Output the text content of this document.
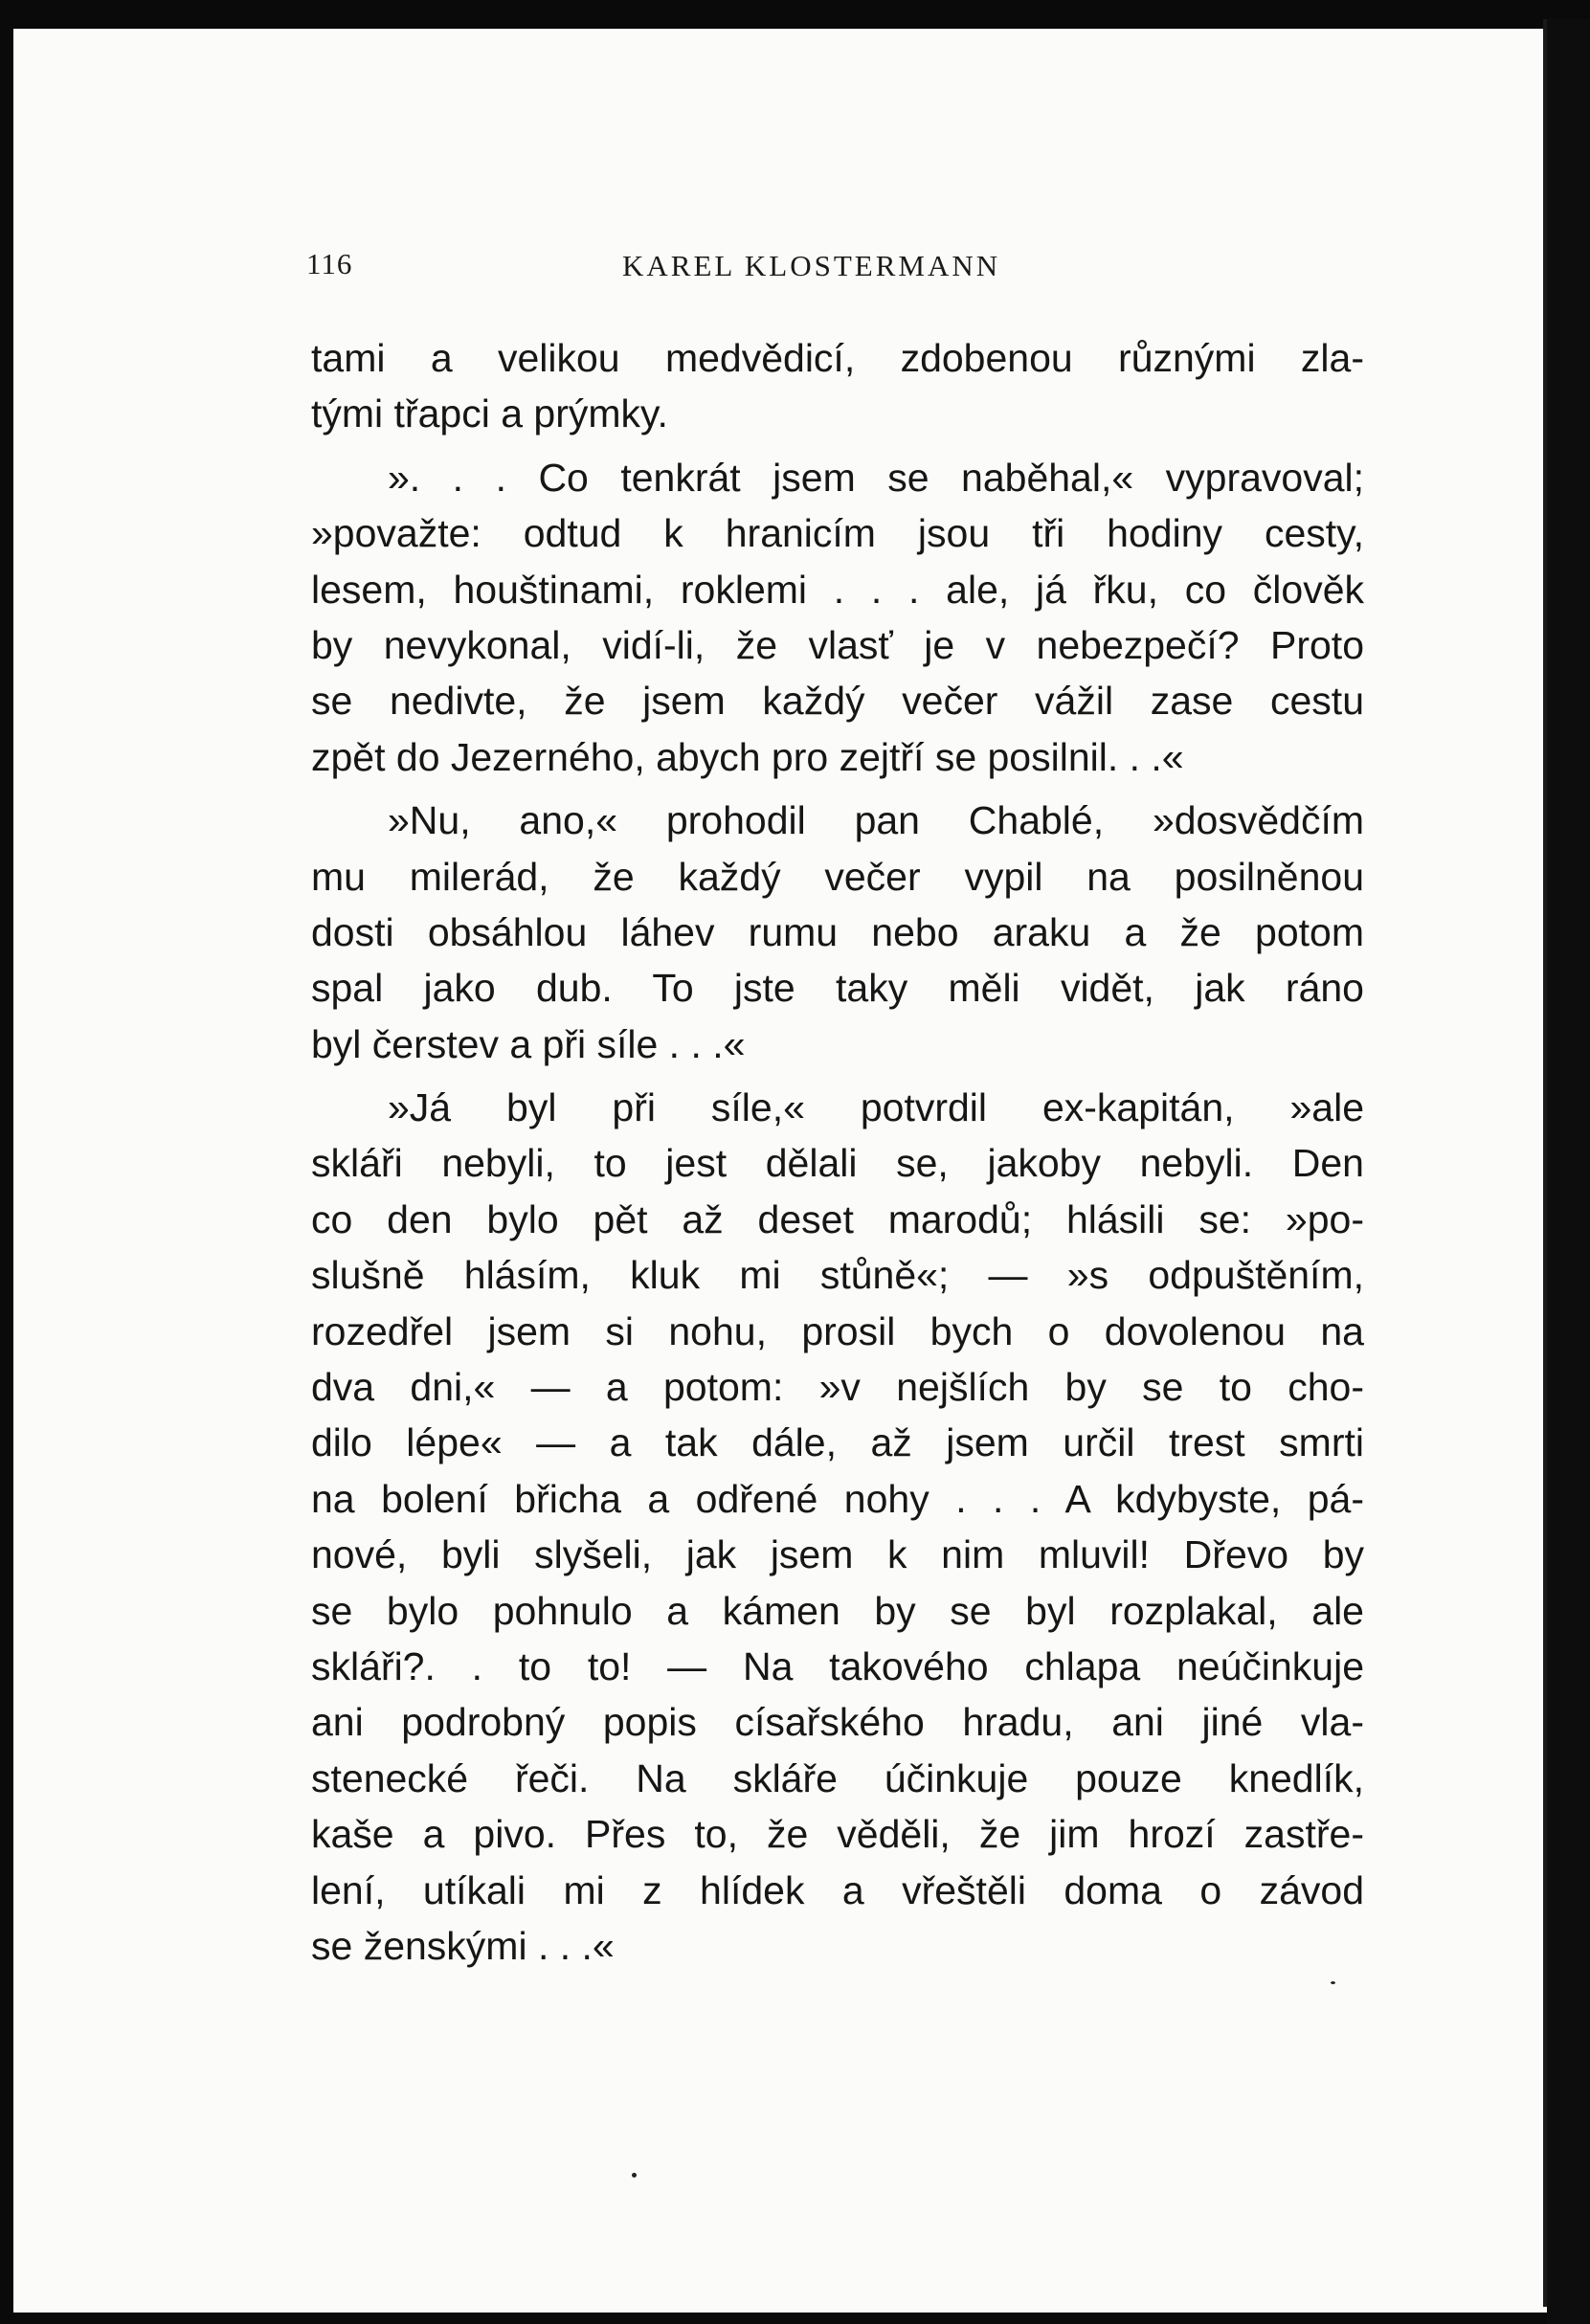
116	KAREL KLOSTERMANN
tami a velikou medvědicí, zdobenou různými zla-
tými třapci a prýmky.
». . . Co tenkrát jsem se naběhal,« vypravoval;
»považte: odtud k hranicím jsou tři hodiny cesty,
lesem, houštinami, roklemi . . . ale, já řku, co člověk
by nevykonal, vidí-li, že vlasť je v nebezpečí? Proto
se nedivte, že jsem každý večer vážil zase cestu
zpět do Jezerného, abych pro zejtří se posilnil. . .«
»Nu, ano,« prohodil pan Chablé, »dosvědčím
mu milerád, že každý večer vypil na posilněnou
dosti obsáhlou láhev rumu nebo araku a že potom
spal jako dub. To jste taky měli vidět, jak ráno
byl čerstev a při síle . . .«
»Já byl při síle,« potvrdil ex-kapitán, »ale
skláři nebyli, to jest dělali se, jakoby nebyli. Den
co den bylo pět až deset marodů; hlásili se: »po-
slušně hlásím, kluk mi stůně«; — »s odpuštěním,
rozedřel jsem si nohu, prosil bych o dovolenou na
dva dni,« — a potom: »v nejšlích by se to cho-
dilo lépe« — a tak dále, až jsem určil trest smrti
na bolení břicha a odřené nohy . . . A kdybyste, pá-
nové, byli slyšeli, jak jsem k nim mluvil! Dřevo by
se bylo pohnulo a kámen by se byl rozplakal, ale
skláři?. . to to! — Na takového chlapa neúčinkuje
ani podrobný popis císařského hradu, ani jiné vla-
stenecké řeči. Na skláře účinkuje pouze knedlík,
kaše a pivo. Přes to, že věděli, že jim hrozí zastře-
lení, utíkali mi z hlídek a vřeštěli doma o závod
se ženskými . . .«
